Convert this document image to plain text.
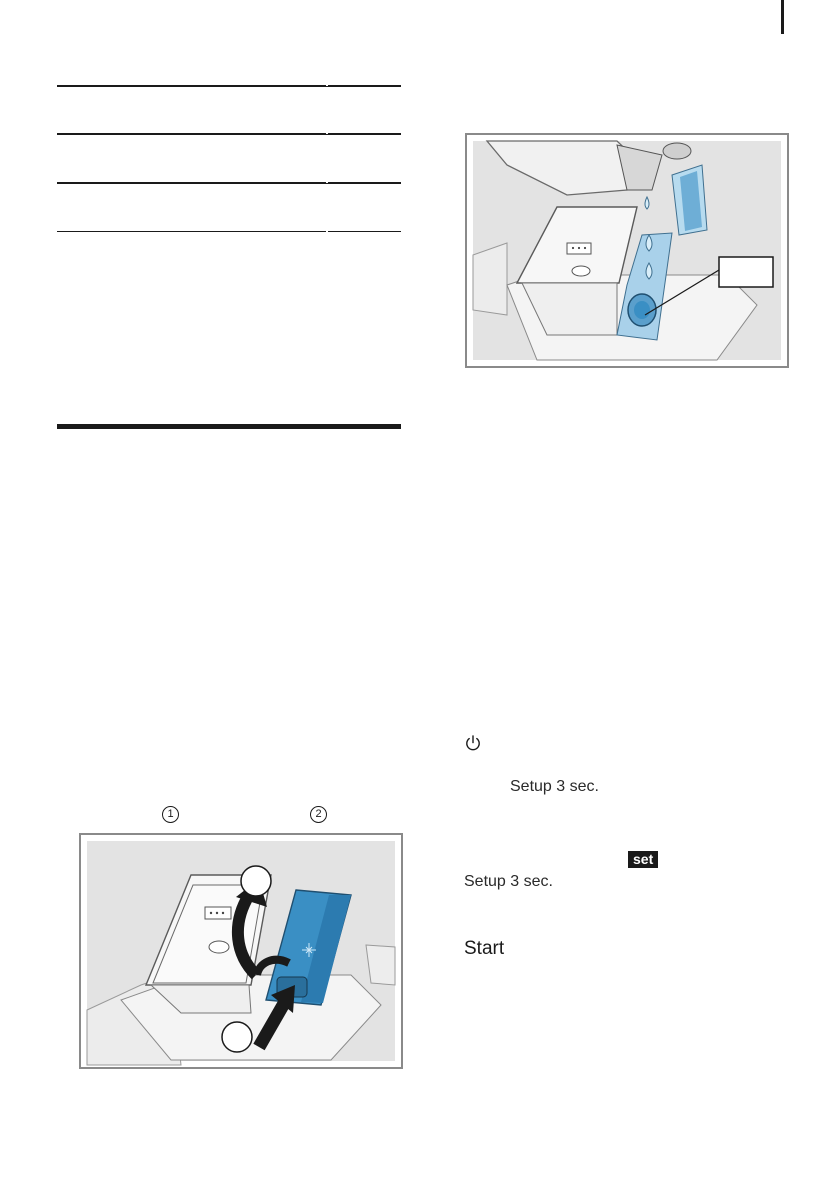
1	2
Setup 3 sec.
set
Setup 3 sec.
Start
